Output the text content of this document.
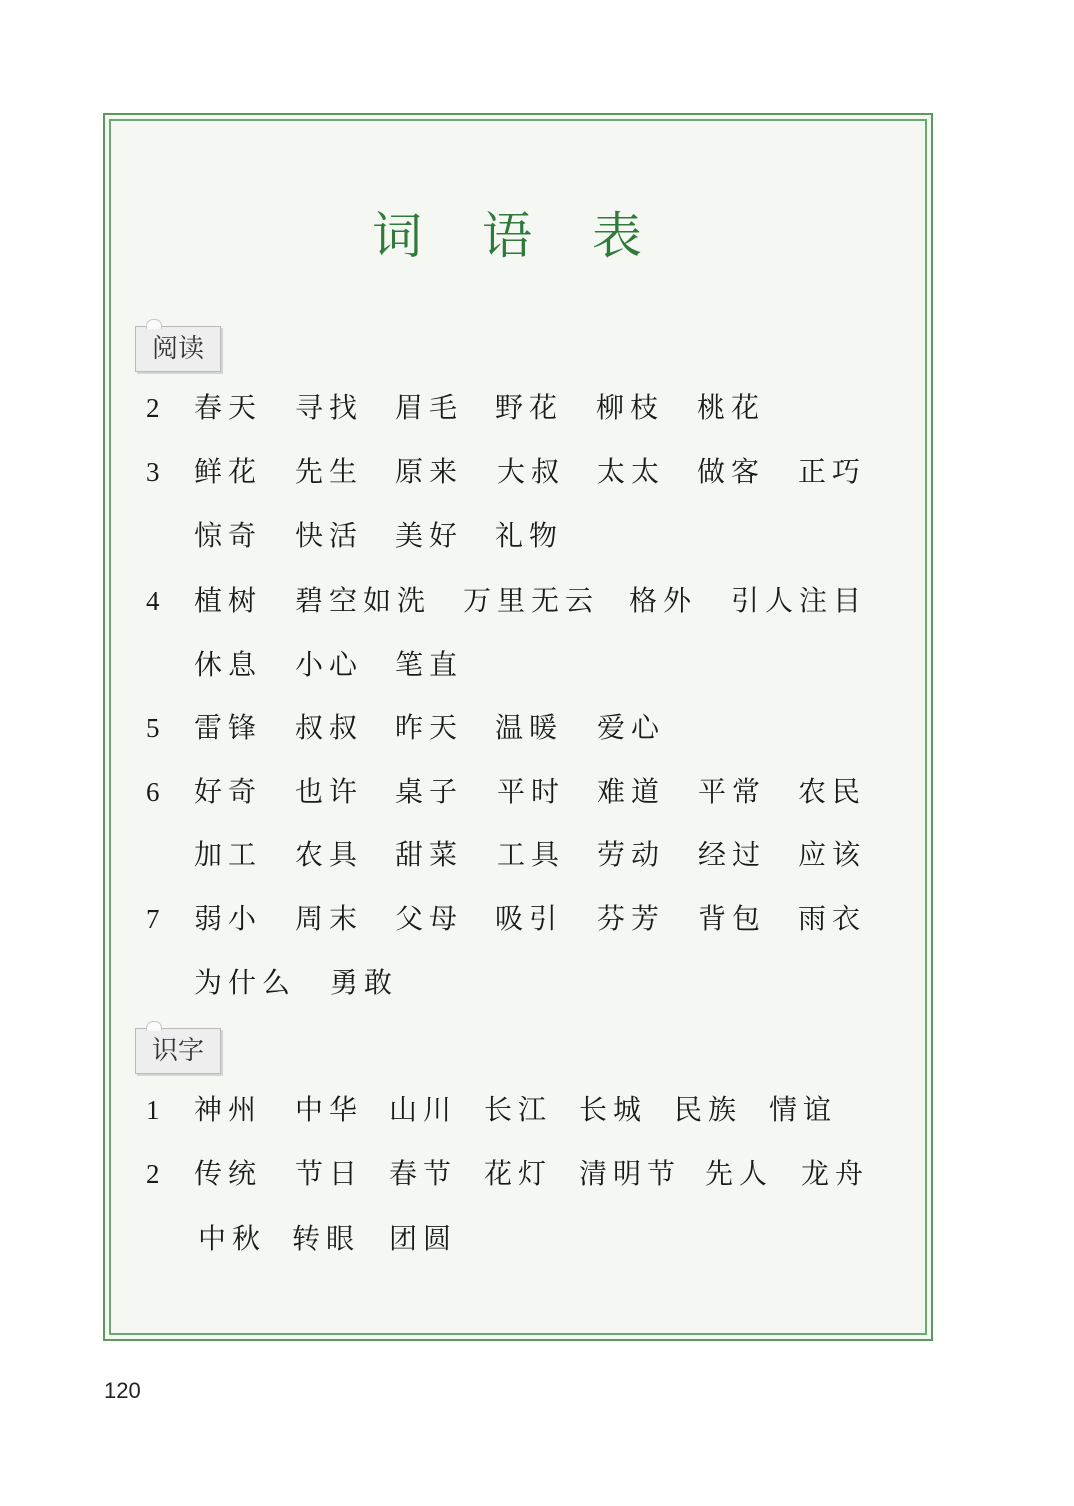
词 语 表
阅读
识字
2	春天 寻找 眉毛 野花 柳枝 桃花
3	鲜花 先生 原来 大叔 太太 做客 正巧
惊奇 快活 美好 礼物
4	植树 碧空如洗 万里无云 格外 引人注目
休息 小心 笔直
5	雷锋 叔叔 昨天 温暖 爱心
6	好奇 也许 桌子 平时 难道 平常 农民
加工 农具 甜菜 工具 劳动 经过 应该
7	弱小 周末 父母 吸引 芬芳 背包 雨衣
为什么 勇敢
1	神州 中华 山川 长江 长城 民族 情谊
2	传统 节日 春节 花灯 清明节 先人 龙舟
中秋 转眼 团圆
120
